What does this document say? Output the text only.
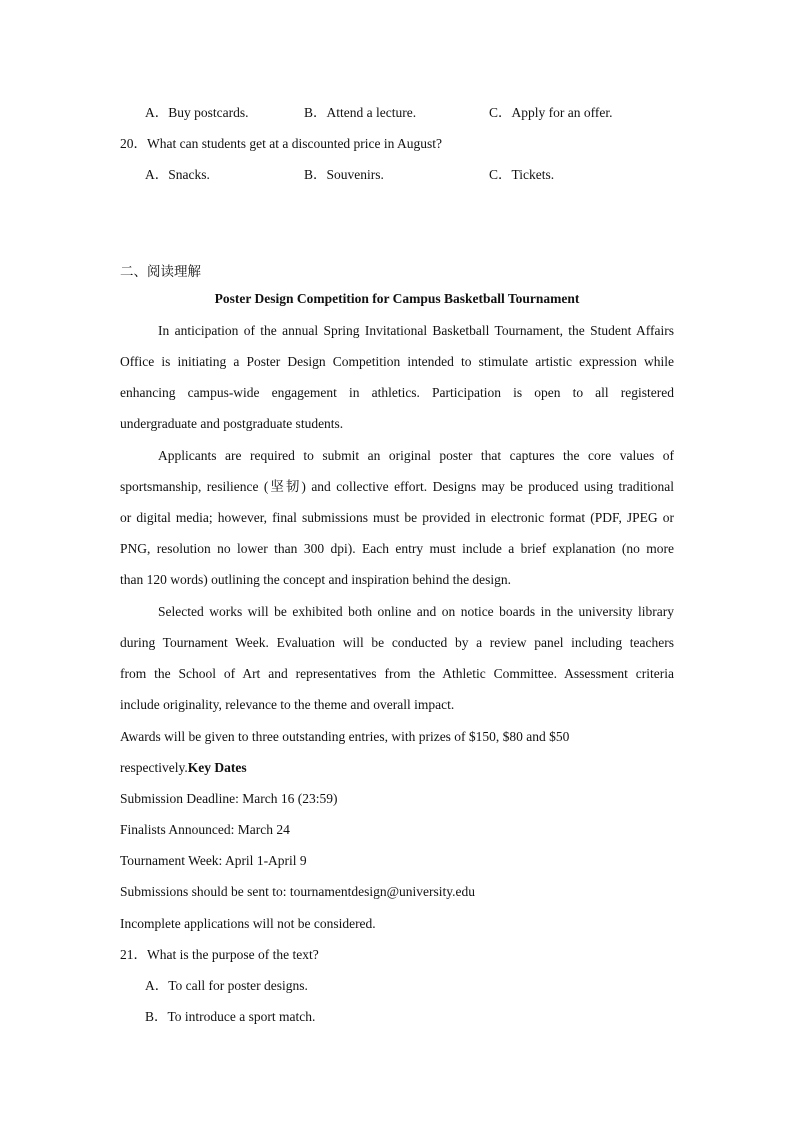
A．Buy postcards.	B．Attend a lecture.	C．Apply for an offer.
20．What can students get at a discounted price in August?
A．Snacks.	B．Souvenirs.	C．Tickets.
二、阅读理解
Poster Design Competition for Campus Basketball Tournament
In anticipation of the annual Spring Invitational Basketball Tournament, the Student Affairs
Office is initiating a Poster Design Competition intended to stimulate artistic expression while
enhancing campus-wide engagement in athletics. Participation is open to all registered
undergraduate and postgraduate students.
Applicants are required to submit an original poster that captures the core values of
sportsmanship, resilience (坚韧) and collective effort. Designs may be produced using traditional
or digital media; however, final submissions must be provided in electronic format (PDF, JPEG or
PNG, resolution no lower than 300 dpi). Each entry must include a brief explanation (no more
than 120 words) outlining the concept and inspiration behind the design.
Selected works will be exhibited both online and on notice boards in the university library
during Tournament Week. Evaluation will be conducted by a review panel including teachers
from the School of Art and representatives from the Athletic Committee. Assessment criteria
include originality, relevance to the theme and overall impact.
Awards will be given to three outstanding entries, with prizes of $150, $80 and $50
respectively.Key Dates
Submission Deadline: March 16 (23:59)
Finalists Announced: March 24
Tournament Week: April 1-April 9
Submissions should be sent to: tournamentdesign@university.edu
Incomplete applications will not be considered.
21．What is the purpose of the text?
A．To call for poster designs.
B．To introduce a sport match.
